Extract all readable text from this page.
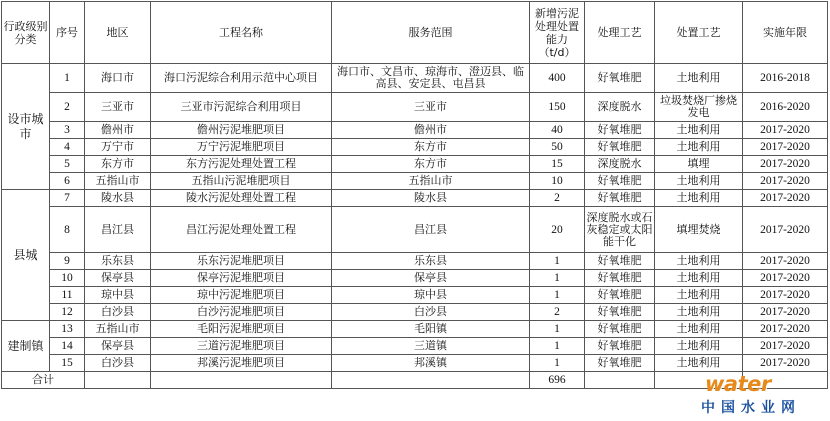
行政级别分类	序号	地区	工程名称	服务范围	新增污泥处理处置能力（t/d）	处理工艺	处置工艺	实施年限
设市城市	1	海口市	海口污泥综合利用示范中心项目	海口市、文昌市、琼海市、澄迈县、临高县、安定县、屯昌县	400	好氧堆肥	土地利用	2016-2018
	2	三亚市	三亚市污泥综合利用项目	三亚市	150	深度脱水	垃圾焚烧厂掺烧发电	2016-2020
	3	儋州市	儋州污泥堆肥项目	儋州市	40	好氧堆肥	土地利用	2017-2020
	4	万宁市	万宁污泥堆肥项目	东方市	50	好氧堆肥	土地利用	2017-2020
	5	东方市	东方污泥处理处置工程	东方市	15	深度脱水	填埋	2017-2020
	6	五指山市	五指山污泥堆肥项目	五指山市	10	好氧堆肥	土地利用	2017-2020
县城	7	陵水县	陵水污泥处理处置工程	陵水县	2	好氧堆肥	土地利用	2017-2020
	8	昌江县	昌江污泥处理处置工程	昌江县	20	深度脱水或石灰稳定或太阳能干化	填埋焚烧	2017-2020
	9	乐东县	乐东污泥堆肥项目	乐东县	1	好氧堆肥	土地利用	2017-2020
	10	保亭县	保亭污泥堆肥项目	保亭县	1	好氧堆肥	土地利用	2017-2020
	11	琼中县	琼中污泥堆肥项目	琼中县	1	好氧堆肥	土地利用	2017-2020
	12	白沙县	白沙污泥堆肥项目	白沙县	2	好氧堆肥	土地利用	2017-2020
建制镇	13	五指山市	毛阳污泥堆肥项目	毛阳镇	1	好氧堆肥	土地利用	2017-2020
	14	保亭县	三道污泥堆肥项目	三道镇	1	好氧堆肥	土地利用	2017-2020
	15	白沙县	邦溪污泥堆肥项目	邦溪镇	1	好氧堆肥	土地利用	2017-2020
合计					696				water
中国水业网
